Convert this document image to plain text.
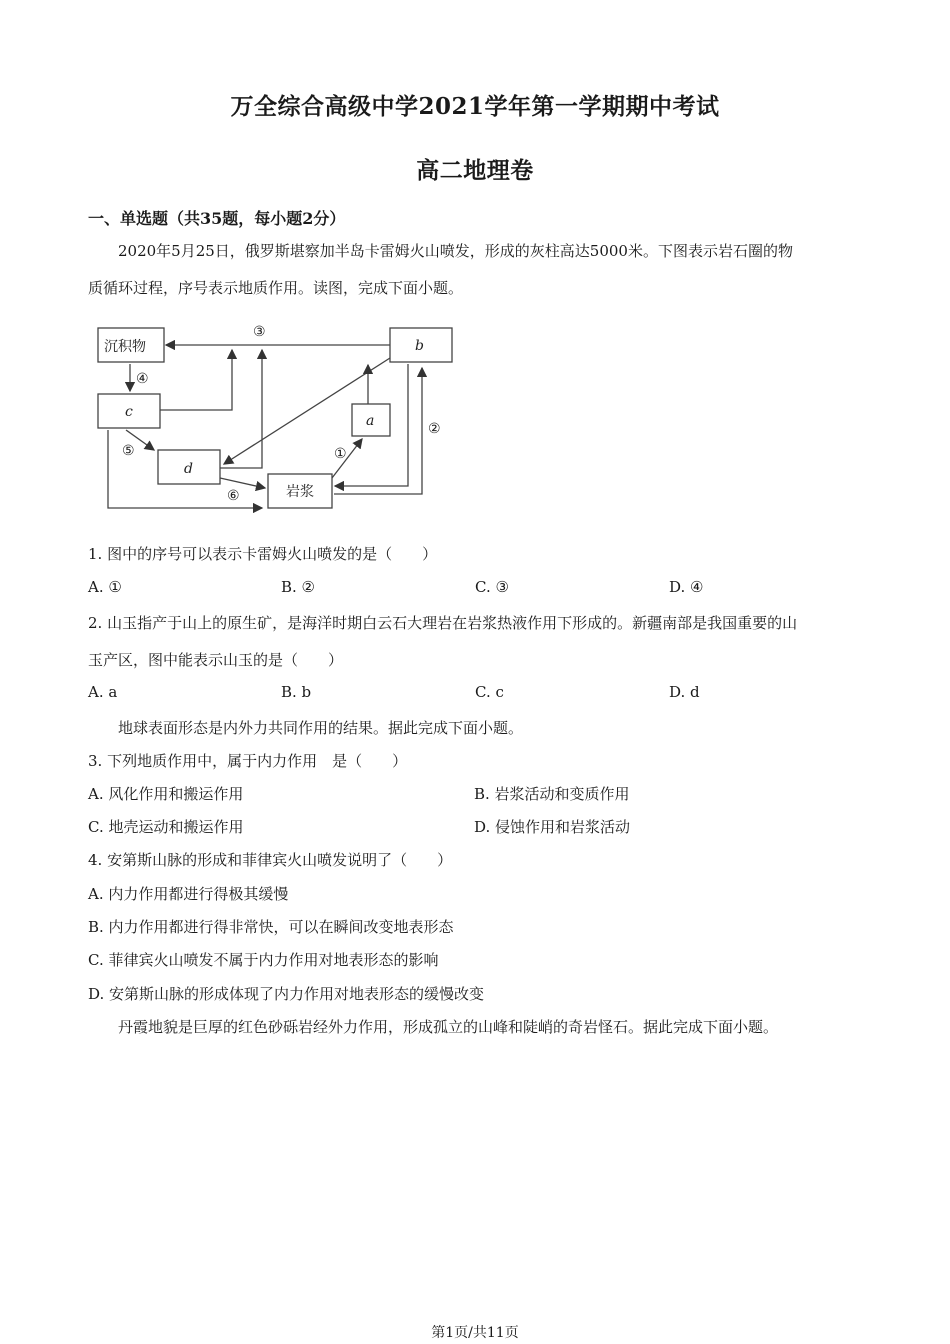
万全综合高级中学2021学年第一学期期中考试
高二地理卷
一、单选题（共35题，每小题2分）
2020年5月25日，俄罗斯堪察加半岛卡雷姆火山喷发，形成的灰柱高达5000米。下图表示岩石圈的物
质循环过程，序号表示地质作用。读图，完成下面小题。
沉积物	b
c
a
d
岩浆
①
②
③
④
⑤
⑥
1. 图中的序号可以表示卡雷姆火山喷发的是（　　）
A. ①	B. ②	C. ③	D. ④
2. 山玉指产于山上的原生矿，是海洋时期白云石大理岩在岩浆热液作用下形成的。新疆南部是我国重要的山
玉产区，图中能表示山玉的是（　　）
A. a	B. b	C. c	D. d
地球表面形态是内外力共同作用的结果。据此完成下面小题。
3. 下列地质作用中，属于内力作用　是（　　）
A. 风化作用和搬运作用	B. 岩浆活动和变质作用
C. 地壳运动和搬运作用	D. 侵蚀作用和岩浆活动
4. 安第斯山脉的形成和菲律宾火山喷发说明了（　　）
A. 内力作用都进行得极其缓慢
B. 内力作用都进行得非常快，可以在瞬间改变地表形态
C. 菲律宾火山喷发不属于内力作用对地表形态的影响
D. 安第斯山脉的形成体现了内力作用对地表形态的缓慢改变
丹霞地貌是巨厚的红色砂砾岩经外力作用，形成孤立的山峰和陡峭的奇岩怪石。据此完成下面小题。
第1页/共11页
